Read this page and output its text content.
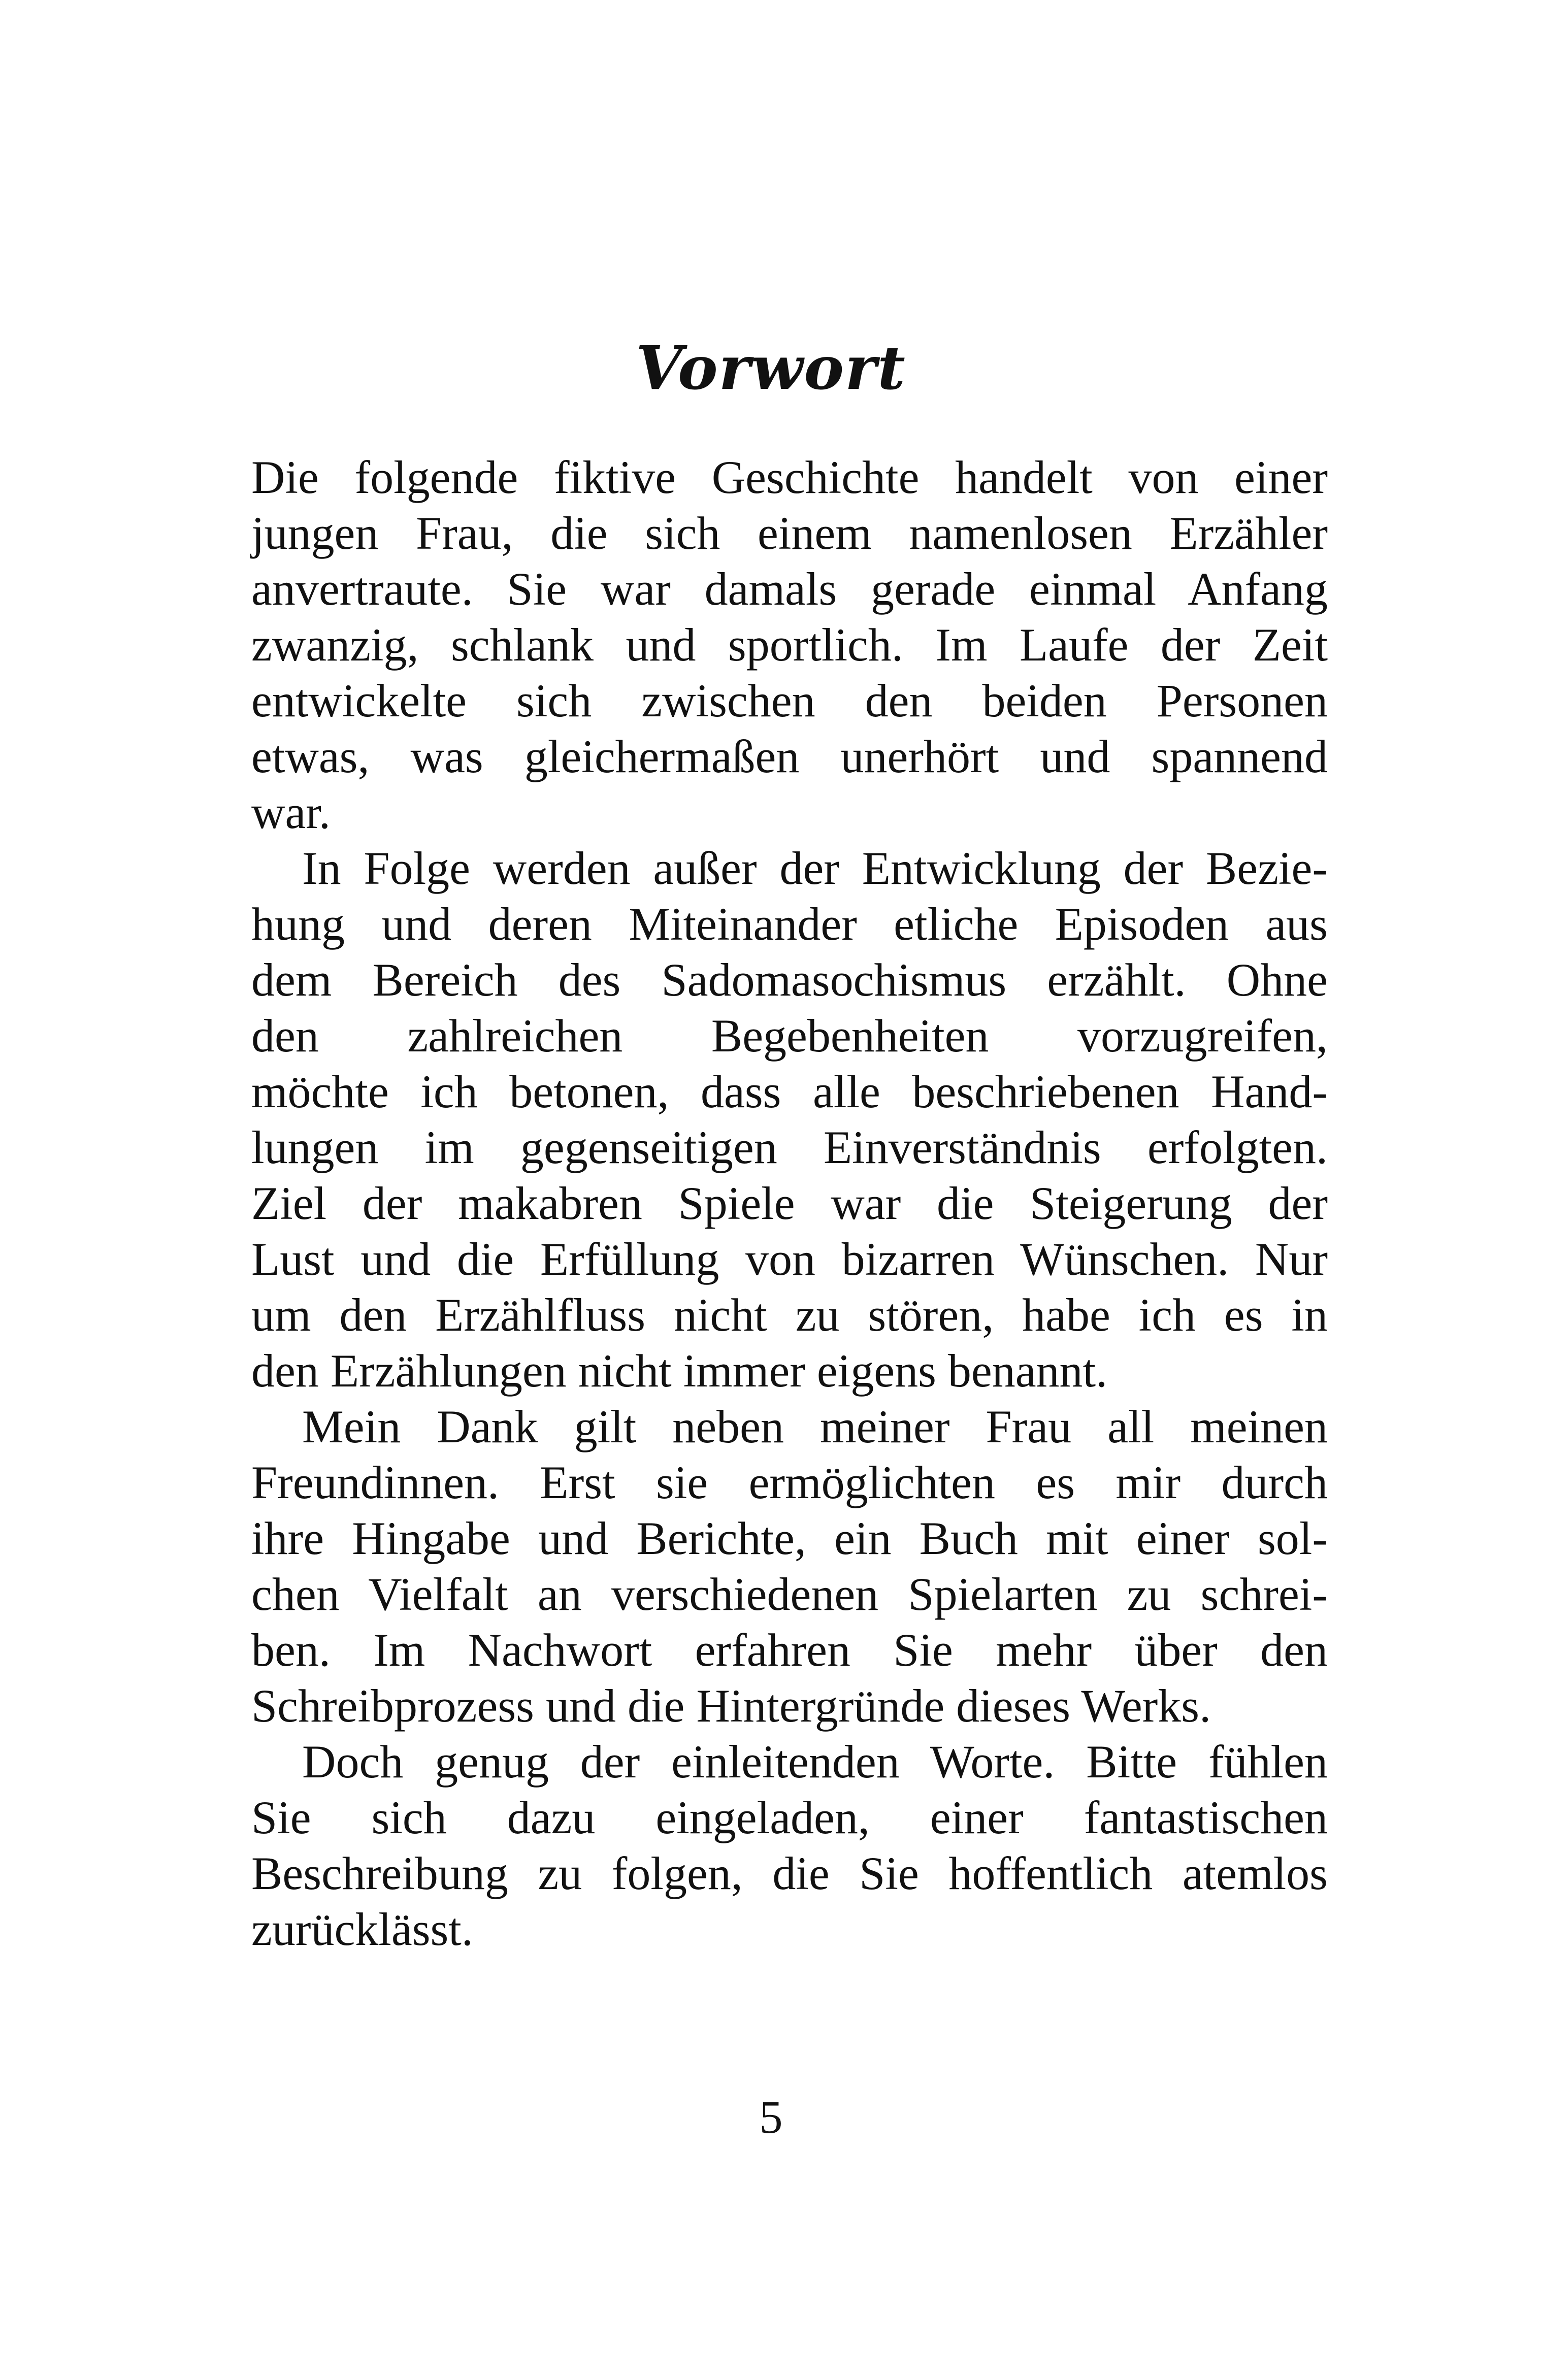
Vorwort
Die folgende fiktive Geschichte handelt von einer
jungen Frau, die sich einem namenlosen Erzähler
anvertraute. Sie war damals gerade einmal Anfang
zwanzig, schlank und sportlich. Im Laufe der Zeit
entwickelte sich zwischen den beiden Personen
etwas, was gleichermaßen unerhört und spannend
war.
In Folge werden außer der Entwicklung der Bezie-
hung und deren Miteinander etliche Episoden aus
dem Bereich des Sadomasochismus erzählt. Ohne
den zahlreichen Begebenheiten vorzugreifen,
möchte ich betonen, dass alle beschriebenen Hand-
lungen im gegenseitigen Einverständnis erfolgten.
Ziel der makabren Spiele war die Steigerung der
Lust und die Erfüllung von bizarren Wünschen. Nur
um den Erzählfluss nicht zu stören, habe ich es in
den Erzählungen nicht immer eigens benannt.
Mein Dank gilt neben meiner Frau all meinen
Freundinnen. Erst sie ermöglichten es mir durch
ihre Hingabe und Berichte, ein Buch mit einer sol-
chen Vielfalt an verschiedenen Spielarten zu schrei-
ben. Im Nachwort erfahren Sie mehr über den
Schreibprozess und die Hintergründe dieses Werks.
Doch genug der einleitenden Worte. Bitte fühlen
Sie sich dazu eingeladen, einer fantastischen
Beschreibung zu folgen, die Sie hoffentlich atemlos
zurücklässt.
5
